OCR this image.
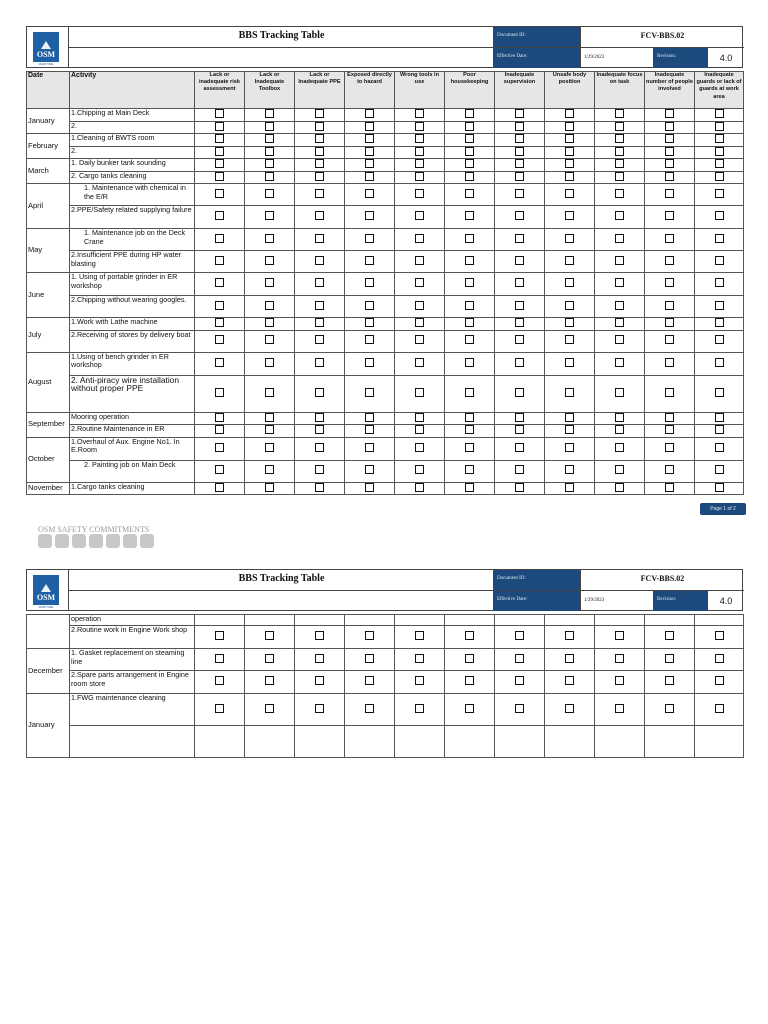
OSM
MARITIME
BBS Tracking Table	Document ID:	FCV-BBS.02
Effective Date:	1/29/2023	Revision:	4.0
Date	Activity	Lack or inadequate risk assessment	Lack or Inadequate Toolbox	Lack or Inadequate PPE	Exposed directly to hazard	Wrong tools in use	Poor housekeeping	Inadequate supervision	Unsafe body position	Inadequate focus on task	Inadequate number of people involved	Inadequate guards or lack of guards at work area
January	1.Chipping at Main Deck											
	2.											
February	1.Cleaning of BWTS room											
	2.											
March	1. Daily bunker tank sounding											
	2. Cargo tanks cleaning											
April	1. Maintenance with chemical in the E/R											
	2.PPE/Safety related supplying failure											
May	1. Maintenance job on the Deck Crane											
	2.Insufficient PPE during HP water blasting											
June	1. Using of portable grinder in ER workshop											
	2.Chipping without wearing googles.											
July	1.Work with Lathe machine											
	2.Receiving of stores by delivery boat											
August	1.Using of bench grinder in ER workshop											
	2. Anti-piracy wire installation without proper PPE											
September	Mooring operation											
	2.Routine Maintenance in ER											
October	1.Overhaul of Aux. Engine No1. In E.Room											
	2. Painting job on Main Deck											
November	1.Cargo tanks cleaning											
OSM SAFETY COMMITMENTS
Page 1 of 2
OSM
MARITIME
BBS Tracking Table	Document ID:	FCV-BBS.02
Effective Date:	1/29/2023	Revision:	4.0
	operation											
	2.Routine work in Engine Work shop											
December	1. Gasket replacement on steaming line											
	2.Spare parts arrangement in Engine room store											
January	1.FWG maintenance cleaning											
